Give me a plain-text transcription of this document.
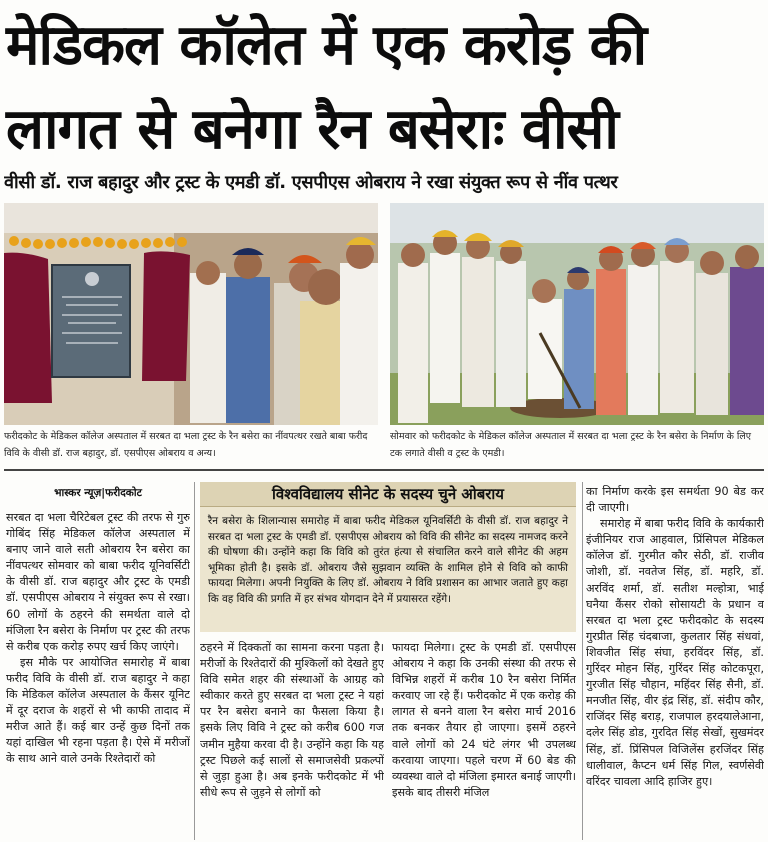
मेडिकल कॉलेत में एक करोड़ की
लागत से बनेगा रैन बसेराः वीसी
वीसी डॉ. राज बहादुर और ट्रस्ट के एमडी डॉ. एसपीएस ओबराय ने रखा संयुक्त रूप से नींव पत्थर
फरीदकोट के मेडिकल कॉलेज अस्पताल में सरबत दा भला ट्रस्ट के रैन बसेरा का नींवपत्थर रखते बाबा फरीद विवि के वीसी डॉ. राज बहादुर, डॉ. एसपीएस ओबराय व अन्य।
सोमवार को फरीदकोट के मेडिकल कॉलेज अस्पताल में सरबत दा भला ट्रस्ट के रैन बसेरा के निर्माण के लिए टक लगाते वीसी व ट्रस्ट के एमडी।
भास्कर न्यूज़|फरीदकोट

सरबत दा भला चैरिटेबल ट्रस्ट की तरफ से गुरु गोबिंद सिंह मेडिकल कॉलेज अस्पताल में बनाए जाने वाले सती ओबराय रैन बसेरा का नींवपत्थर सोमवार को बाबा फरीद यूनिवर्सिटी के वीसी डॉ. राज बहादुर और ट्रस्ट के एमडी डॉ. एसपीएस ओबराय ने संयुक्त रूप से रखा। 60 लोगों के ठहरने की समर्थता वाले दो मंजिला रैन बसेरा के निर्माण पर ट्रस्ट की तरफ से करीब एक करोड़ रुपए खर्च किए जाएंगे।

इस मौके पर आयोजित समारोह में बाबा फरीद विवि के वीसी डॉ. राज बहादुर ने कहा कि मेडिकल कॉलेज अस्पताल के कैंसर यूनिट में दूर दराज के शहरों से भी काफी तादाद में मरीज आते हैं। कई बार उन्हें कुछ दिनों तक यहां दाखिल भी रहना पड़ता है। ऐसे में मरीजों के साथ आने वाले उनके रिश्तेदारों को

विश्वविद्यालय सीनेट के सदस्य चुने ओबराय
रैन बसेरा के शिलान्यास समारोह में बाबा फरीद मेडिकल यूनिवर्सिटी के वीसी डॉ. राज बहादुर ने सरबत दा भला ट्रस्ट के एमडी डॉ. एसपीएस ओबराय को विवि की सीनेट का सदस्य नामजद करने की घोषणा की। उन्होंने कहा कि विवि को तुरंत हंत्या से संचालित करने वाले सीनेट की अहम भूमिका होती है। इसके डॉ. ओबराय जैसे सुझवान व्यक्ति के शामिल होने से विवि को काफी फायदा मिलेगा। अपनी नियुक्ति के लिए डॉ. ओबराय ने विवि प्रशासन का आभार जताते हुए कहा कि वह विवि की प्रगति में हर संभव योगदान देने में प्रयासरत रहेंगे।

ठहरने में दिक्कतों का सामना करना पड़ता है। मरीजों के रिश्तेदारों की मुश्किलों को देखते हुए विवि समेत शहर की संस्थाओं के आग्रह को स्वीकार करते हुए सरबत दा भला ट्रस्ट ने यहां पर रैन बसेरा बनाने का फैसला किया है। इसके लिए विवि ने ट्रस्ट को करीब 600 गज जमीन मुहैया करवा दी है। उन्होंने कहा कि यह ट्रस्ट पिछले कई सालों से समाजसेवी प्रकल्पों से जुड़ा हुआ है। अब इनके फरीदकोट में भी सीधे रूप से जुड़ने से लोगों को

फायदा मिलेगा। ट्रस्ट के एमडी डॉ. एसपीएस ओबराय ने कहा कि उनकी संस्था की तरफ से विभिन्न शहरों में करीब 10 रैन बसेरा निर्मित करवाए जा रहे हैं। फरीदकोट में एक करोड़ की लागत से बनने वाला रैन बसेरा मार्च 2016 तक बनकर तैयार हो जाएगा। इसमें ठहरने वाले लोगों को 24 घंटे लंगर भी उपलब्ध करवाया जाएगा। पहले चरण में 60 बेड की व्यवस्था वाले दो मंजिला इमारत बनाई जाएगी। इसके बाद तीसरी मंजिल

का निर्माण करके इस समर्थता 90 बेड कर दी जाएगी।

समारोह में बाबा फरीद विवि के कार्यकारी इंजीनियर राज आहवाल, प्रिंसिपल मेडिकल कॉलेज डॉ. गुरमीत कौर सेठी, डॉ. राजीव जोशी, डॉ. नवतेज सिंह, डॉ. महरि, डॉ. अरविंद शर्मा, डॉ. सतीश मल्होत्रा, भाई घनैया कैंसर रोको सोसायटी के प्रधान व सरबत दा भला ट्रस्ट फरीदकोट के सदस्य गुरप्रीत सिंह चंदबाजा, कुलतार सिंह संधवां, शिवजीत सिंह संघा, हरविंदर सिंह, डॉ. गुरिंदर मोहन सिंह, गुरिंदर सिंह कोटकपूरा, गुरजीत सिंह चौहान, महिंदर सिंह सैनी, डॉ. मनजीत सिंह, वीर इंद्र सिंह, डॉ. संदीप कौर, राजिंदर सिंह बराड़, राजपाल हरदयालेआना, दलेर सिंह डोड, गुरदित सिंह सेखों, सुखमंदर सिंह, डॉ. प्रिंसिपल विजिलेंस हरजिंदर सिंह धालीवाल, कैप्टन धर्म सिंह गिल, स्वर्णसेवी वरिंदर चावला आदि हाजिर हुए।
